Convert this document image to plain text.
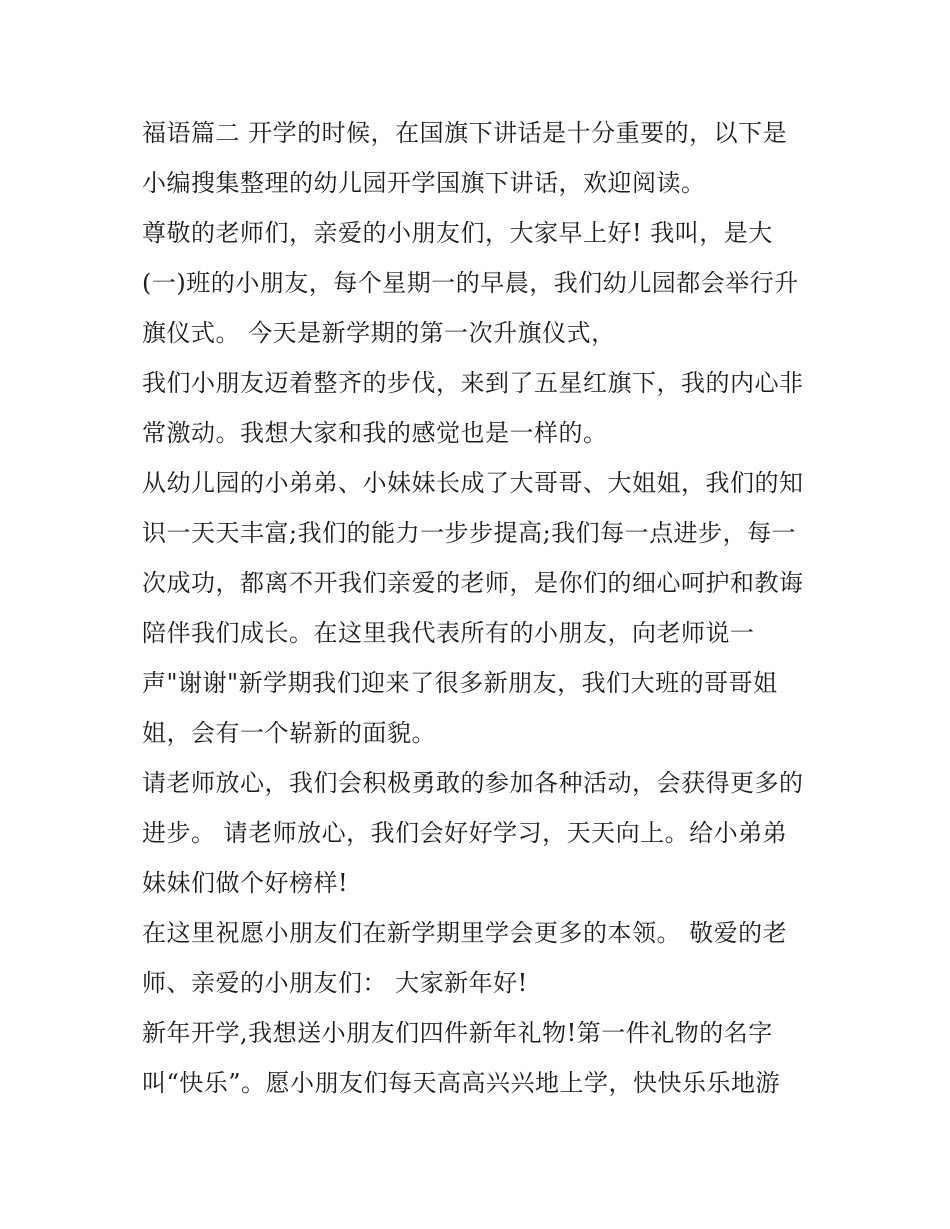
福语篇二 开学的时候，在国旗下讲话是十分重要的，以下是
小编搜集整理的幼儿园开学国旗下讲话，欢迎阅读。
尊敬的老师们，亲爱的小朋友们，大家早上好! 我叫，是大
(一)班的小朋友，每个星期一的早晨，我们幼儿园都会举行升
旗仪式。 今天是新学期的第一次升旗仪式，
我们小朋友迈着整齐的步伐，来到了五星红旗下，我的内心非
常激动。我想大家和我的感觉也是一样的。
从幼儿园的小弟弟、小妹妹长成了大哥哥、大姐姐，我们的知
识一天天丰富;我们的能力一步步提高;我们每一点进步，每一
次成功，都离不开我们亲爱的老师，是你们的细心呵护和教诲
陪伴我们成长。在这里我代表所有的小朋友，向老师说一
声"谢谢"新学期我们迎来了很多新朋友，我们大班的哥哥姐
姐，会有一个崭新的面貌。
请老师放心，我们会积极勇敢的参加各种活动，会获得更多的
进步。 请老师放心，我们会好好学习，天天向上。给小弟弟
妹妹们做个好榜样!
在这里祝愿小朋友们在新学期里学会更多的本领。 敬爱的老
师、亲爱的小朋友们： 大家新年好!
新年开学,我想送小朋友们四件新年礼物!第一件礼物的名字
叫“快乐”。愿小朋友们每天高高兴兴地上学，快快乐乐地游
